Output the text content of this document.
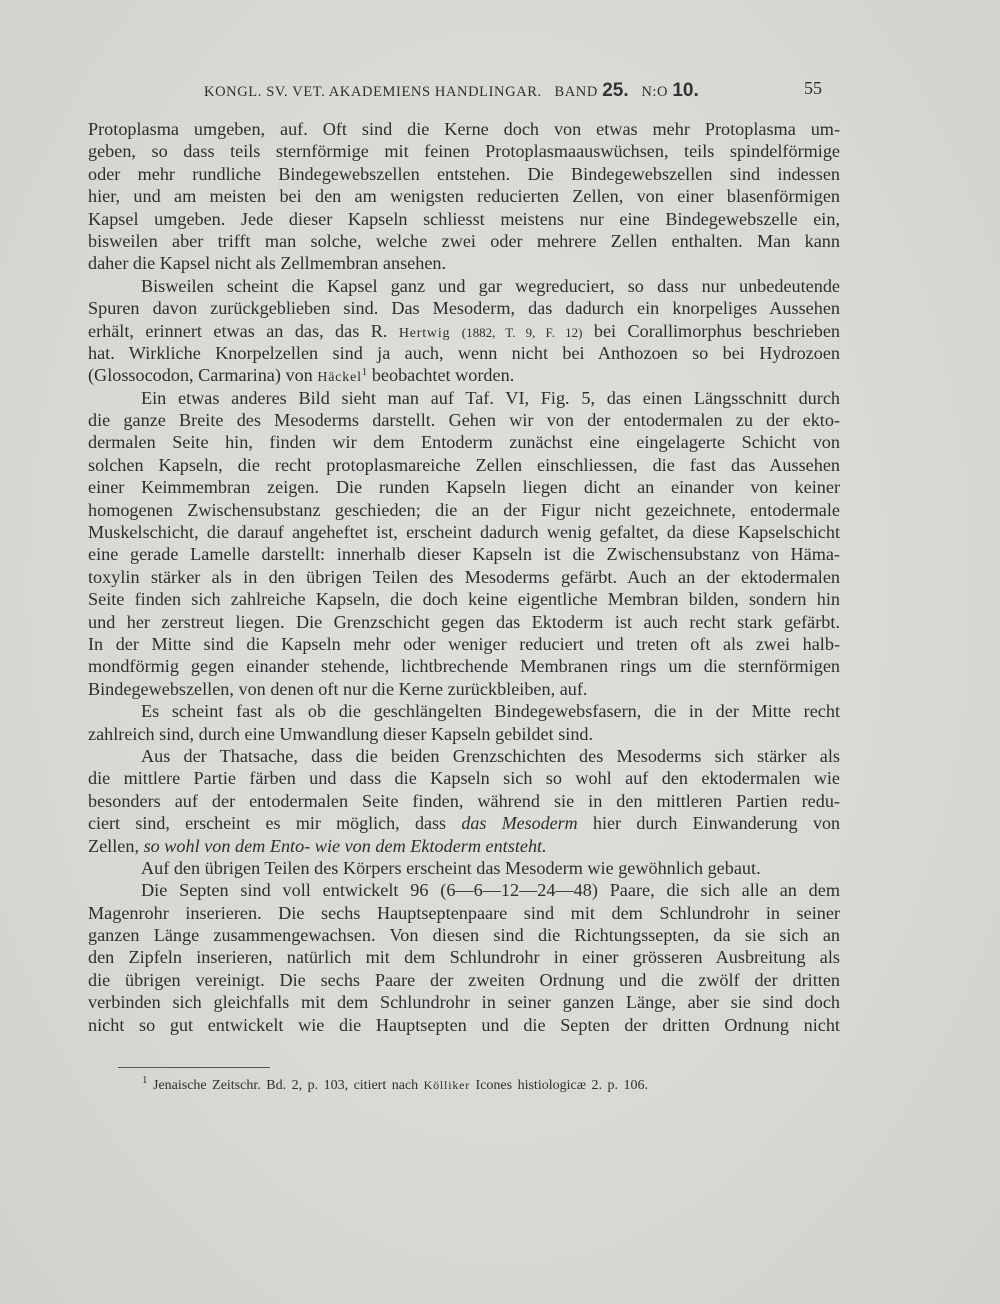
KONGL. SV. VET. AKADEMIENS HANDLINGAR. BAND 25. N:O 10.	55
Protoplasma umgeben, auf. Oft sind die Kerne doch von etwas mehr Protoplasma um-
geben, so dass teils sternförmige mit feinen Protoplasmaauswüchsen, teils spindelförmige
oder mehr rundliche Bindegewebszellen entstehen. Die Bindegewebszellen sind indessen
hier, und am meisten bei den am wenigsten reducierten Zellen, von einer blasenförmigen
Kapsel umgeben. Jede dieser Kapseln schliesst meistens nur eine Bindegewebszelle ein,
bisweilen aber trifft man solche, welche zwei oder mehrere Zellen enthalten. Man kann
daher die Kapsel nicht als Zellmembran ansehen.
Bisweilen scheint die Kapsel ganz und gar wegreduciert, so dass nur unbedeutende
Spuren davon zurückgeblieben sind. Das Mesoderm, das dadurch ein knorpeliges Aussehen
erhält, erinnert etwas an das, das R. Hertwig (1882, T. 9, F. 12) bei Corallimorphus beschrieben
hat. Wirkliche Knorpelzellen sind ja auch, wenn nicht bei Anthozoen so bei Hydrozoen
(Glossocodon, Carmarina) von Häckel$^1$ beobachtet worden.
Ein etwas anderes Bild sieht man auf Taf. VI, Fig. 5, das einen Längsschnitt durch
die ganze Breite des Mesoderms darstellt. Gehen wir von der entodermalen zu der ekto-
dermalen Seite hin, finden wir dem Entoderm zunächst eine eingelagerte Schicht von
solchen Kapseln, die recht protoplasmareiche Zellen einschliessen, die fast das Aussehen
einer Keimmembran zeigen. Die runden Kapseln liegen dicht an einander von keiner
homogenen Zwischensubstanz geschieden; die an der Figur nicht gezeichnete, entodermale
Muskelschicht, die darauf angeheftet ist, erscheint dadurch wenig gefaltet, da diese Kapselschicht
eine gerade Lamelle darstellt: innerhalb dieser Kapseln ist die Zwischensubstanz von Häma-
toxylin stärker als in den übrigen Teilen des Mesoderms gefärbt. Auch an der ektodermalen
Seite finden sich zahlreiche Kapseln, die doch keine eigentliche Membran bilden, sondern hin
und her zerstreut liegen. Die Grenzschicht gegen das Ektoderm ist auch recht stark gefärbt.
In der Mitte sind die Kapseln mehr oder weniger reduciert und treten oft als zwei halb-
mondförmig gegen einander stehende, lichtbrechende Membranen rings um die sternförmigen
Bindegewebszellen, von denen oft nur die Kerne zurückbleiben, auf.
Es scheint fast als ob die geschlängelten Bindegewebsfasern, die in der Mitte recht
zahlreich sind, durch eine Umwandlung dieser Kapseln gebildet sind.
Aus der Thatsache, dass die beiden Grenzschichten des Mesoderms sich stärker als
die mittlere Partie färben und dass die Kapseln sich so wohl auf den ektodermalen wie
besonders auf der entodermalen Seite finden, während sie in den mittleren Partien redu-
ciert sind, erscheint es mir möglich, dass das Mesoderm hier durch Einwanderung von
Zellen, so wohl von dem Ento- wie von dem Ektoderm entsteht.
Auf den übrigen Teilen des Körpers erscheint das Mesoderm wie gewöhnlich gebaut.
Die Septen sind voll entwickelt 96 (6—6—12—24—48) Paare, die sich alle an dem
Magenrohr inserieren. Die sechs Hauptseptenpaare sind mit dem Schlundrohr in seiner
ganzen Länge zusammengewachsen. Von diesen sind die Richtungssepten, da sie sich an
den Zipfeln inserieren, natürlich mit dem Schlundrohr in einer grösseren Ausbreitung als
die übrigen vereinigt. Die sechs Paare der zweiten Ordnung und die zwölf der dritten
verbinden sich gleichfalls mit dem Schlundrohr in seiner ganzen Länge, aber sie sind doch
nicht so gut entwickelt wie die Hauptsepten und die Septen der dritten Ordnung nicht
$^1$ Jenaische Zeitschr. Bd. 2, p. 103, citiert nach Kölliker Icones histiologicæ 2. p. 106.
